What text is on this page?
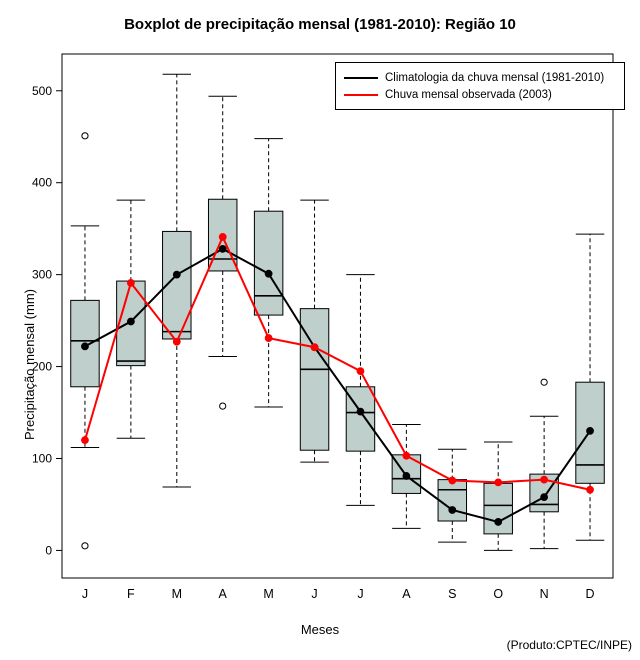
Boxplot de precipitação mensal (1981-2010): Região 10
0
100
200
300
400
500
J	F	M	A	M	J	J	A	S	O	N	D
Precipitação mensal (mm)
Meses
(Produto:CPTEC/INPE)
Climatologia da chuva mensal (1981-2010)
Chuva mensal observada (2003)
